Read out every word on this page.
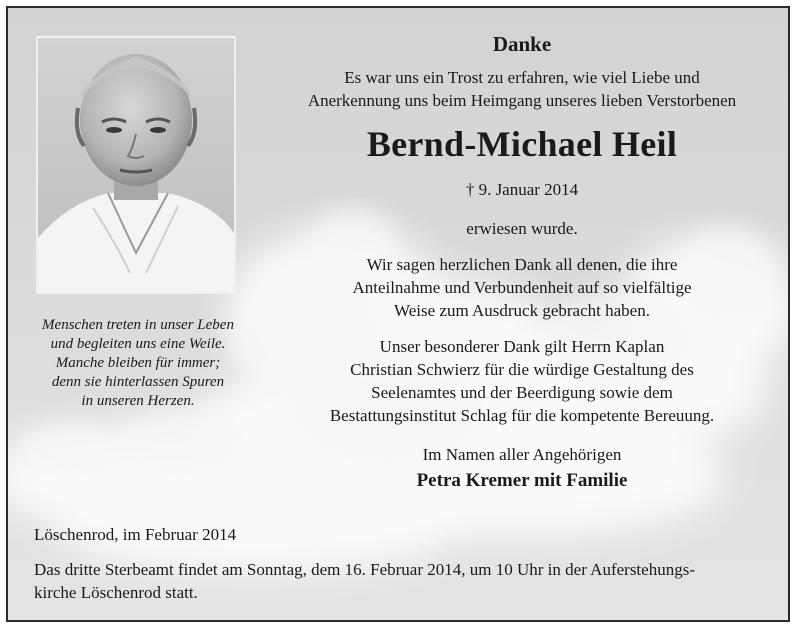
Menschen treten in unser Leben
und begleiten uns eine Weile.
Manche bleiben für immer;
denn sie hinterlassen Spuren
in unseren Herzen.
Danke
Es war uns ein Trost zu erfahren, wie viel Liebe und
Anerkennung uns beim Heimgang unseres lieben Verstorbenen
Bernd-Michael Heil
† 9. Januar 2014
erwiesen wurde.
Wir sagen herzlichen Dank all denen, die ihre
Anteilnahme und Verbundenheit auf so vielfältige
Weise zum Ausdruck gebracht haben.
Unser besonderer Dank gilt Herrn Kaplan
Christian Schwierz für die würdige Gestaltung des
Seelenamtes und der Beerdigung sowie dem
Bestattungsinstitut Schlag für die kompetente Bereuung.
Im Namen aller Angehörigen
Petra Kremer mit Familie
Löschenrod, im Februar 2014
Das dritte Sterbeamt findet am Sonntag, dem 16. Februar 2014, um 10 Uhr in der Auferstehungs-
kirche Löschenrod statt.
